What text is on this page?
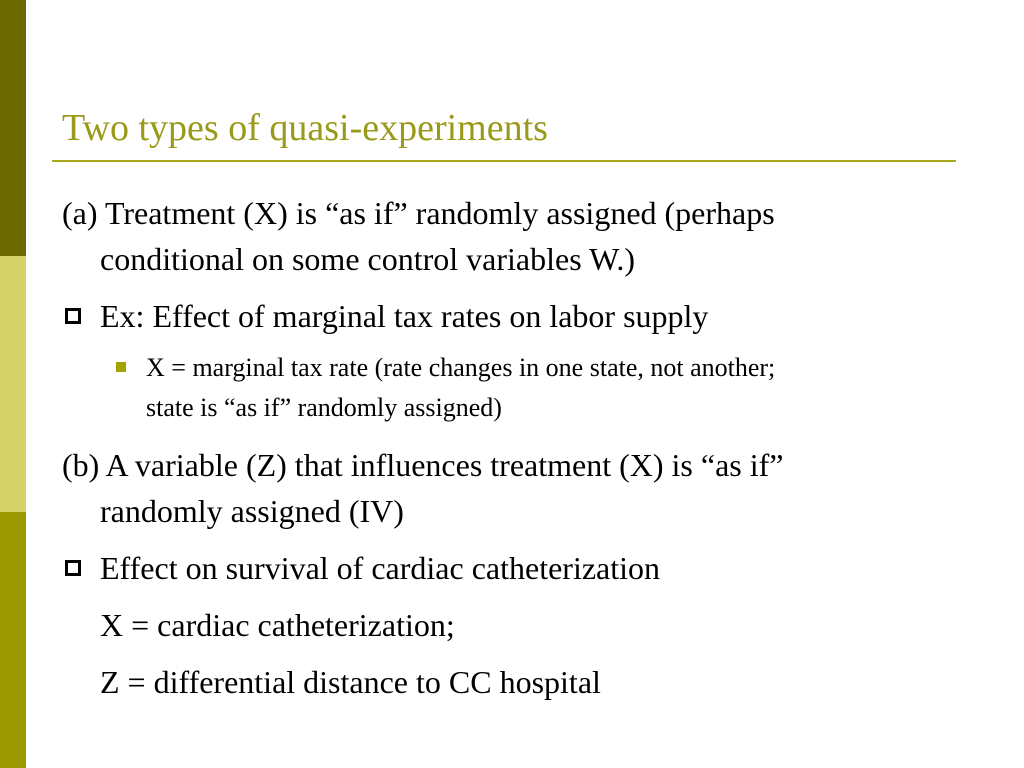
Two types of quasi-experiments
(a) Treatment (X) is “as if” randomly assigned (perhaps
conditional on some control variables W.)
Ex: Effect of marginal tax rates on labor supply
X = marginal tax rate (rate changes in one state, not another;
state is “as if” randomly assigned)
(b) A variable (Z) that influences treatment (X) is “as if”
randomly assigned (IV)
Effect on survival of cardiac catheterization
X = cardiac catheterization;
Z = differential distance to CC hospital
